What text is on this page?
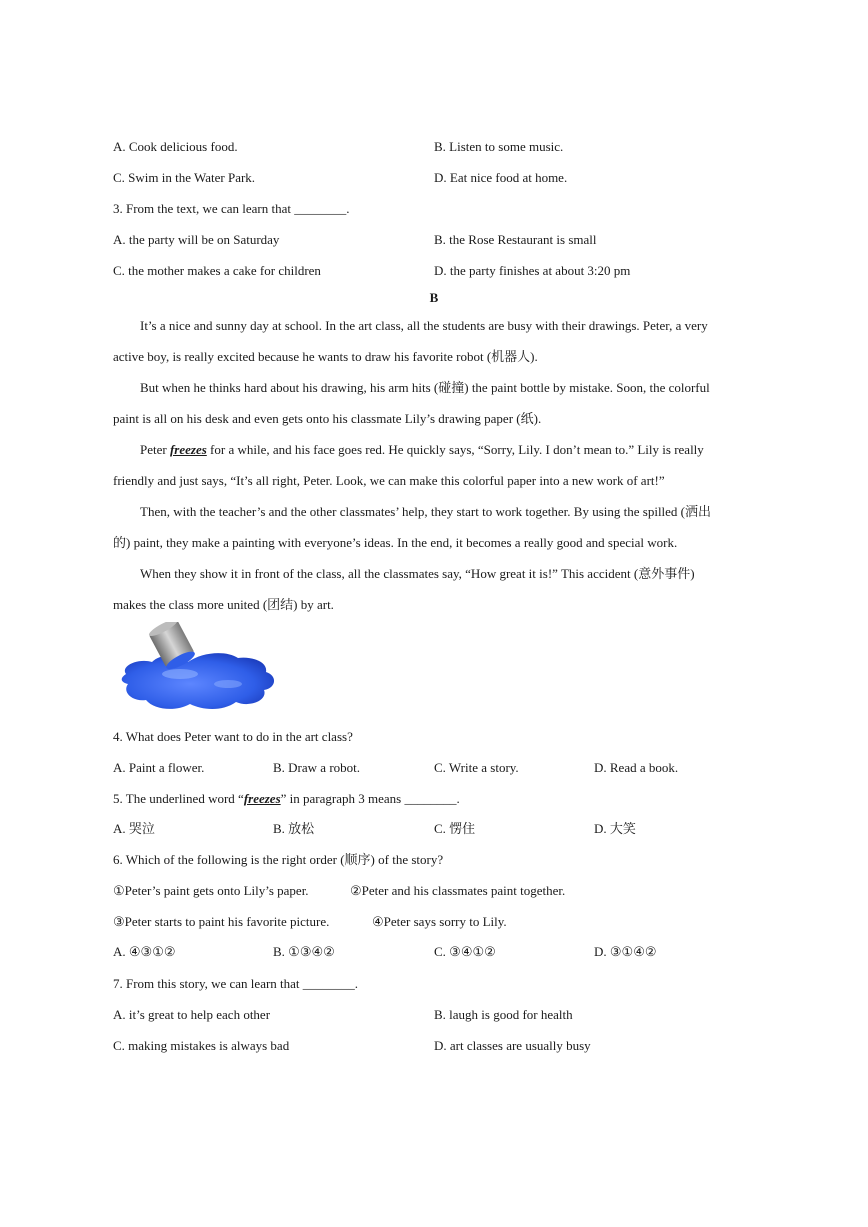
A. Cook delicious food.	B. Listen to some music.
C. Swim in the Water Park.	D. Eat nice food at home.
3. From the text, we can learn that ________.
A. the party will be on Saturday	B. the Rose Restaurant is small
C. the mother makes a cake for children	D. the party finishes at about 3:20 pm
B
It’s a nice and sunny day at school. In the art class, all the students are busy with their drawings. Peter, a very
active boy, is really excited because he wants to draw his favorite robot (机器人).
But when he thinks hard about his drawing, his arm hits (碰撞) the paint bottle by mistake. Soon, the colorful
paint is all on his desk and even gets onto his classmate Lily’s drawing paper (纸).
Peter freezes for a while, and his face goes red. He quickly says, “Sorry, Lily. I don’t mean to.” Lily is really
friendly and just says, “It’s all right, Peter. Look, we can make this colorful paper into a new work of art!”
Then, with the teacher’s and the other classmates’ help, they start to work together. By using the spilled (洒出
的) paint, they make a painting with everyone’s ideas. In the end, it becomes a really good and special work.
When they show it in front of the class, all the classmates say, “How great it is!” This accident (意外事件)
makes the class more united (团结) by art.
4. What does Peter want to do in the art class?
A. Paint a flower.	B. Draw a robot.	C. Write a story.	D. Read a book.
5. The underlined word “freezes” in paragraph 3 means ________.
A. 哭泣	B. 放松	C. 愣住	D. 大笑
6. Which of the following is the right order (顺序) of the story?
①Peter’s paint gets onto Lily’s paper.	②Peter and his classmates paint together.
③Peter starts to paint his favorite picture.	④Peter says sorry to Lily.
A. ④③①②	B. ①③④②	C. ③④①②	D. ③①④②
7. From this story, we can learn that ________.
A. it’s great to help each other	B. laugh is good for health
C. making mistakes is always bad	D. art classes are usually busy
